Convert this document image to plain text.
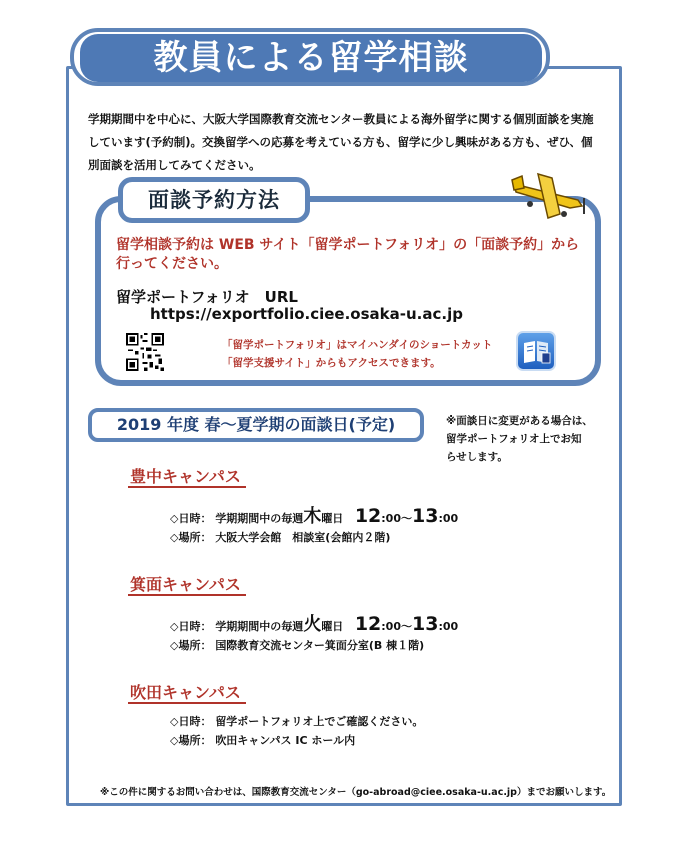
教員による留学相談
学期期間中を中心に、大阪大学国際教育交流センター教員による海外留学に関する個別面談を実施
しています(予約制)。交換留学への応募を考えている方も、留学に少し興味がある方も、ぜひ、個
別面談を活用してみてください。
面談予約方法
留学相談予約は WEB サイト「留学ポートフォリオ」の「面談予約」から
行ってください。
留学ポートフォリオ　URL
https://exportfolio.ciee.osaka-u.ac.jp
「留学ポートフォリオ」はマイハンダイのショートカット
「留学支援サイト」からもアクセスできます。
2019 年度 春～夏学期の面談日(予定)	※面談日に変更がある場合は、
留学ポートフォリオ上でお知
らせします。
豊中キャンパス
◇日時： 学期期間中の毎週木曜日 12:00～13:00
◇場所： 大阪大学会館　相談室(会館内２階)
箕面キャンパス
◇日時： 学期期間中の毎週火曜日 12:00～13:00
◇場所： 国際教育交流センター箕面分室(B 棟１階)
吹田キャンパス
◇日時： 留学ポートフォリオ上でご確認ください。
◇場所： 吹田キャンパス IC ホール内
※この件に関するお問い合わせは、国際教育交流センター（go-abroad@ciee.osaka-u.ac.jp）までお願いします。
